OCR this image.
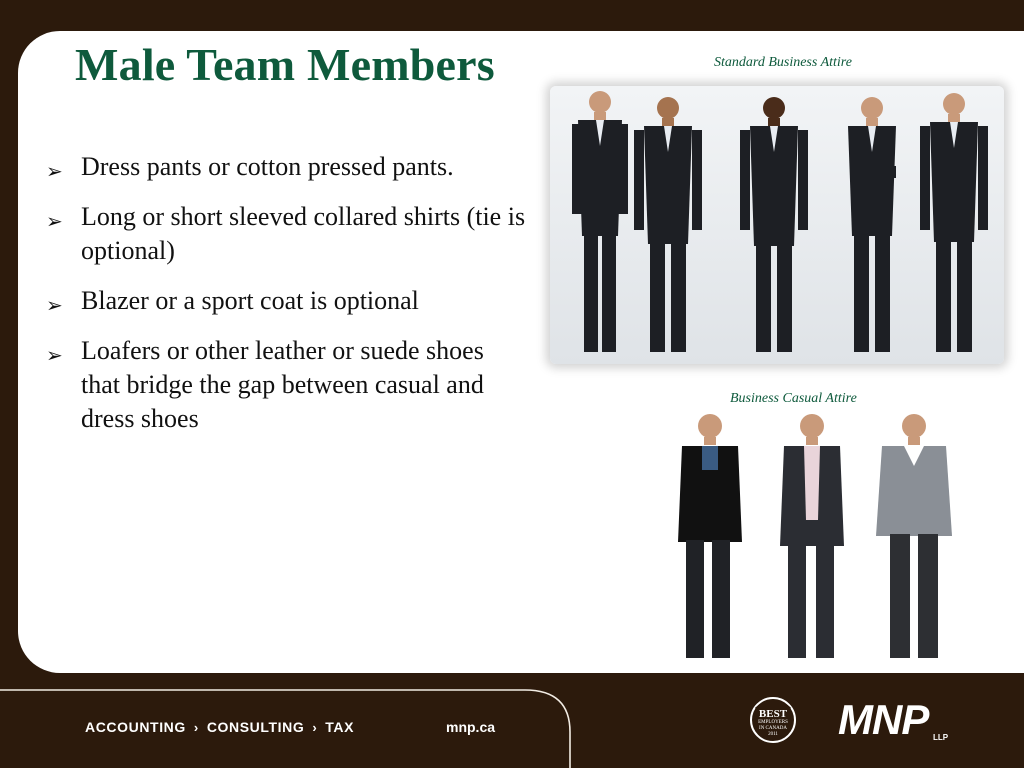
Male Team Members
➢ Dress pants or cotton pressed pants.
➢ Long or short sleeved collared shirts (tie is optional)
➢ Blazer or a sport coat is optional
➢ Loafers or other leather or suede shoes that bridge the gap between casual and dress shoes
Standard Business Attire
Business Casual Attire
ACCOUNTING › CONSULTING › TAX	mnp.ca
BEST
EMPLOYERS
IN CANADA
2011	MNP LLP
